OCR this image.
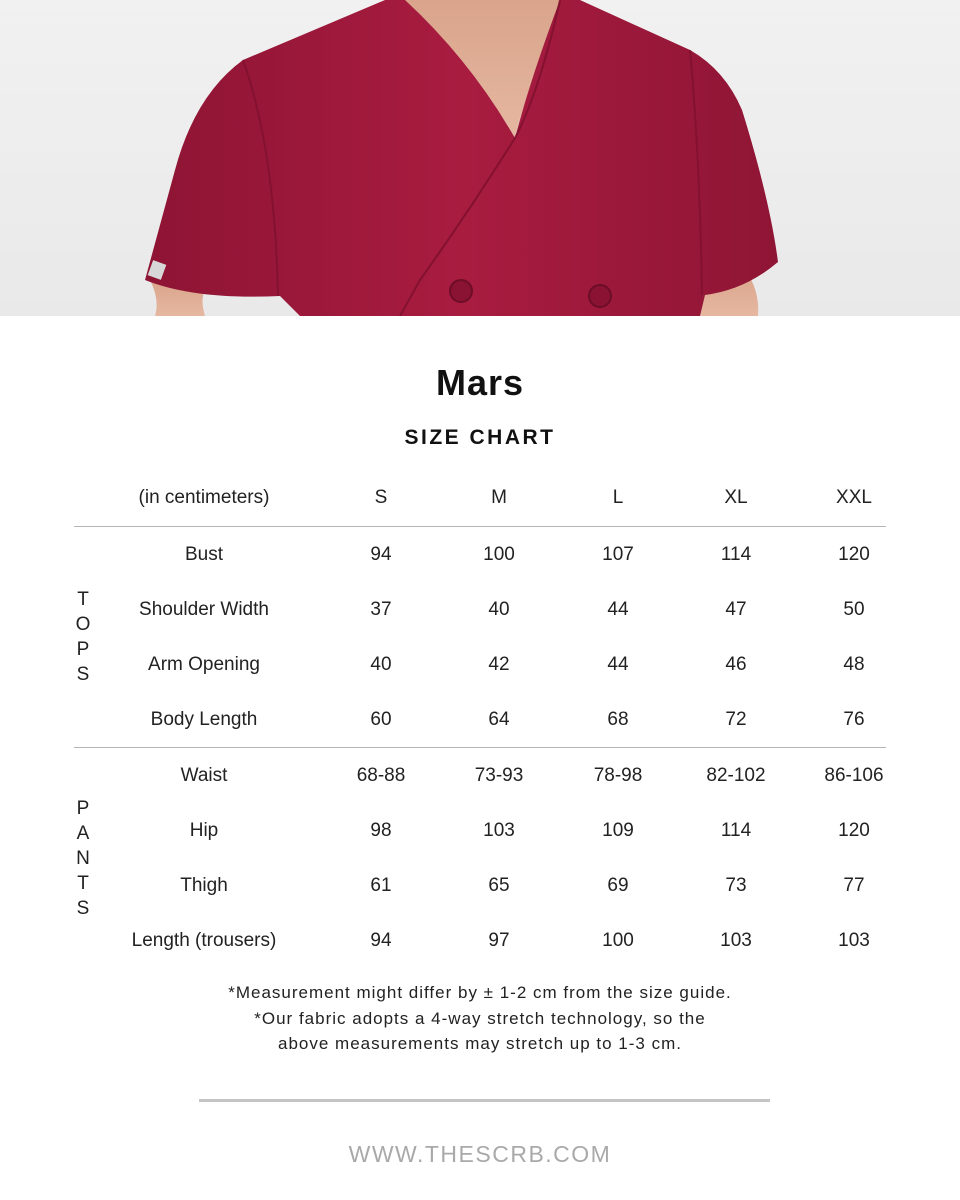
Mars
SIZE CHART
(in centimeters)	S	M	L	XL	XXL
TOPS
Bust	94	100	107	114	120
Shoulder Width	37	40	44	47	50
Arm Opening	40	42	44	46	48
Body Length	60	64	68	72	76
PANTS
Waist	68-88	73-93	78-98	82-102	86-106
Hip	98	103	109	114	120
Thigh	61	65	69	73	77
Length (trousers)	94	97	100	103	103
*Measurement might differ by ± 1-2 cm from the size guide.
*Our fabric adopts a 4-way stretch technology, so the
above measurements may stretch up to 1-3 cm.
WWW.THESCRB.COM
